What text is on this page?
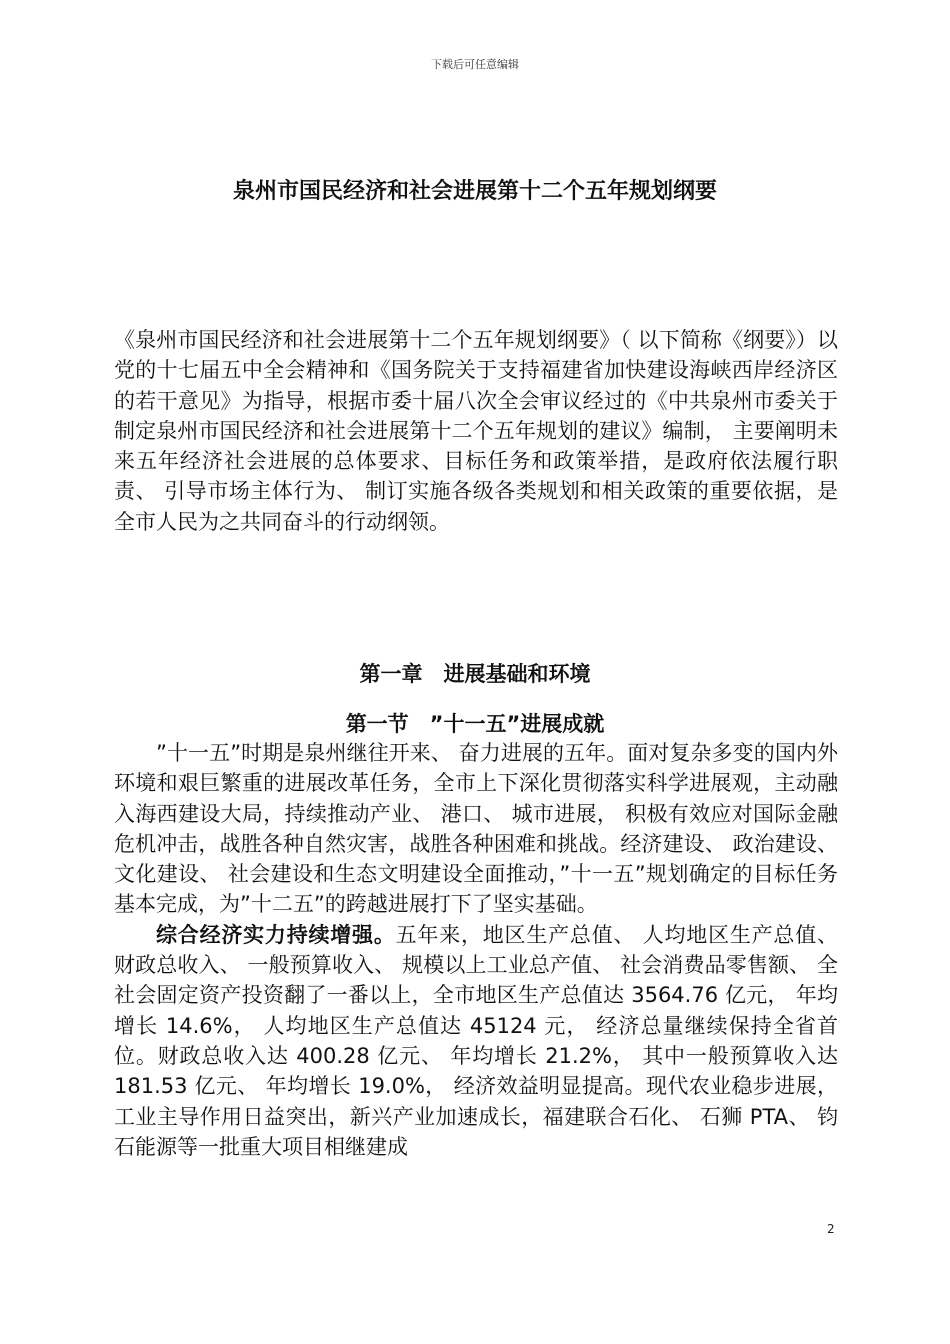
下载后可任意编辑
泉州市国民经济和社会进展第十二个五年规划纲要

《泉州市国民经济和社会进展第十二个五年规划纲要》（ 以下简称《纲要》）以党的十七届五中全会精神和《国务院关于支持福建省加快建设海峡西岸经济区的若干意见》为指导，根据市委十届八次全会审议经过的《中共泉州市委关于制定泉州市国民经济和社会进展第十二个五年规划的建议》编制， 主要阐明未来五年经济社会进展的总体要求、目标任务和政策举措，是政府依法履行职责、 引导市场主体行为、 制订实施各级各类规划和相关政策的重要依据，是全市人民为之共同奋斗的行动纲领。

第一章　进展基础和环境
第一节　”十一五”进展成就

”十一五”时期是泉州继往开来、 奋力进展的五年。面对复杂多变的国内外环境和艰巨繁重的进展改革任务，全市上下深化贯彻落实科学进展观，主动融入海西建设大局，持续推动产业、 港口、 城市进展， 积极有效应对国际金融危机冲击，战胜各种自然灾害，战胜各种困难和挑战。经济建设、 政治建设、 文化建设、 社会建设和生态文明建设全面推动，”十一五”规划确定的目标任务基本完成，为”十二五”的跨越进展打下了坚实基础。

综合经济实力持续增强。五年来，地区生产总值、 人均地区生产总值、 财政总收入、 一般预算收入、 规模以上工业总产值、 社会消费品零售额、 全社会固定资产投资翻了一番以上，全市地区生产总值达 3564.76 亿元， 年均增长 14.6%， 人均地区生产总值达 45124 元， 经济总量继续保持全省首位。财政总收入达 400.28 亿元、 年均增长 21.2%， 其中一般预算收入达 181.53 亿元、 年均增长 19.0%， 经济效益明显提高。现代农业稳步进展，工业主导作用日益突出，新兴产业加速成长，福建联合石化、 石狮 PTA、 钧石能源等一批重大项目相继建成

2
